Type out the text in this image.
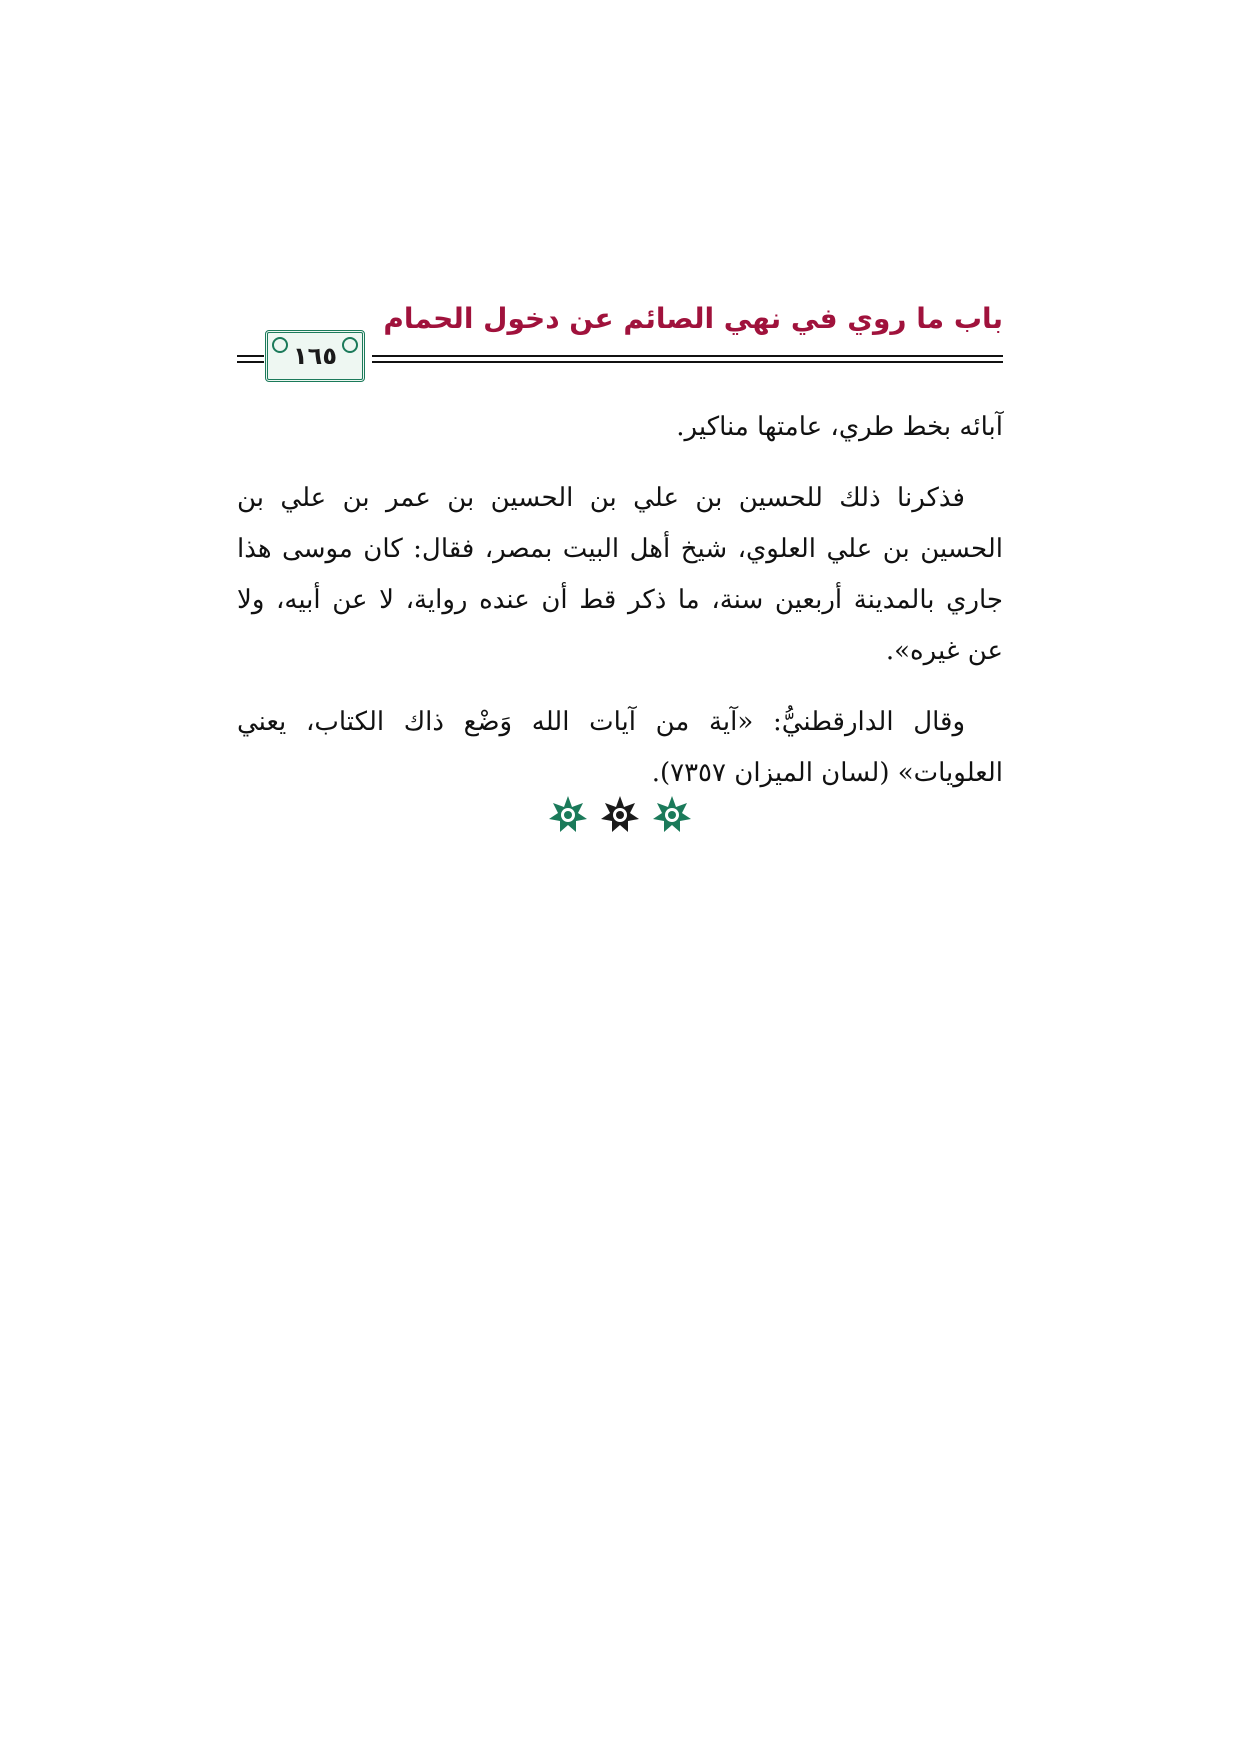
باب ما روي في نهي الصائم عن دخول الحمام
١٦٥

آبائه بخط طري، عامتها مناكير.

فذكرنا ذلك للحسين بن علي بن الحسين بن عمر بن علي بن الحسين بن علي العلوي، شيخ أهل البيت بمصر، فقال: كان موسى هذا جاري بالمدينة أربعين سنة، ما ذكر قط أن عنده رواية، لا عن أبيه، ولا عن غيره».

وقال الدارقطنيُّ: «آية من آيات الله وَضْع ذاك الكتاب، يعني العلويات» (لسان الميزان ٧٣٥٧).
